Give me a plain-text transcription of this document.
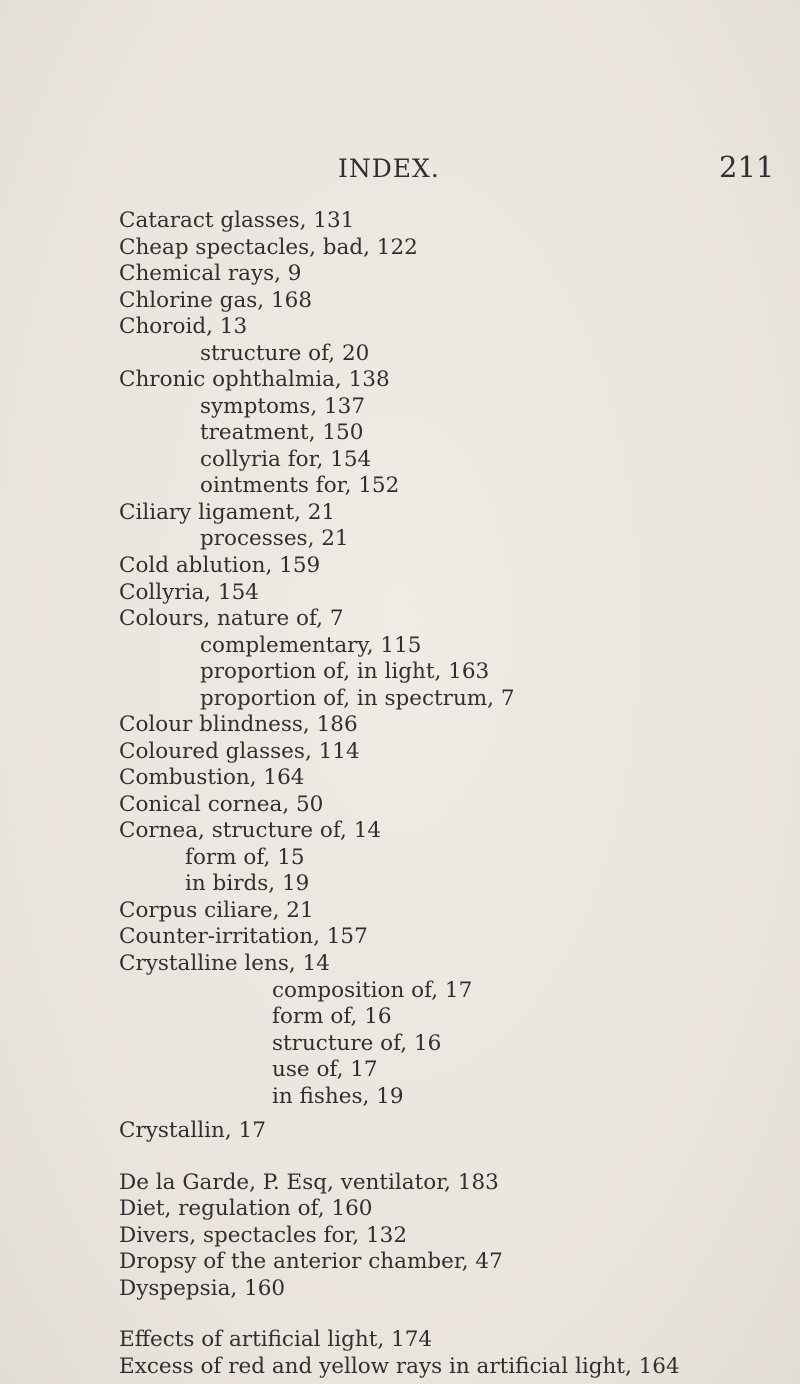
INDEX.	211
Cataract glasses, 131
Cheap spectacles, bad, 122
Chemical rays, 9
Chlorine gas, 168
Choroid, 13
structure of, 20
Chronic ophthalmia, 138
symptoms, 137
treatment, 150
collyria for, 154
ointments for, 152
Ciliary ligament, 21
processes, 21
Cold ablution, 159
Collyria, 154
Colours, nature of, 7
complementary, 115
proportion of, in light, 163
proportion of, in spectrum, 7
Colour blindness, 186
Coloured glasses, 114
Combustion, 164
Conical cornea, 50
Cornea, structure of, 14
form of, 15
in birds, 19
Corpus ciliare, 21
Counter-irritation, 157
Crystalline lens, 14
composition of, 17
form of, 16
structure of, 16
use of, 17
in fishes, 19
Crystallin, 17
De la Garde, P. Esq, ventilator, 183
Diet, regulation of, 160
Divers, spectacles for, 132
Dropsy of the anterior chamber, 47
Dyspepsia, 160
Effects of artificial light, 174
Excess of red and yellow rays in artificial light, 164
